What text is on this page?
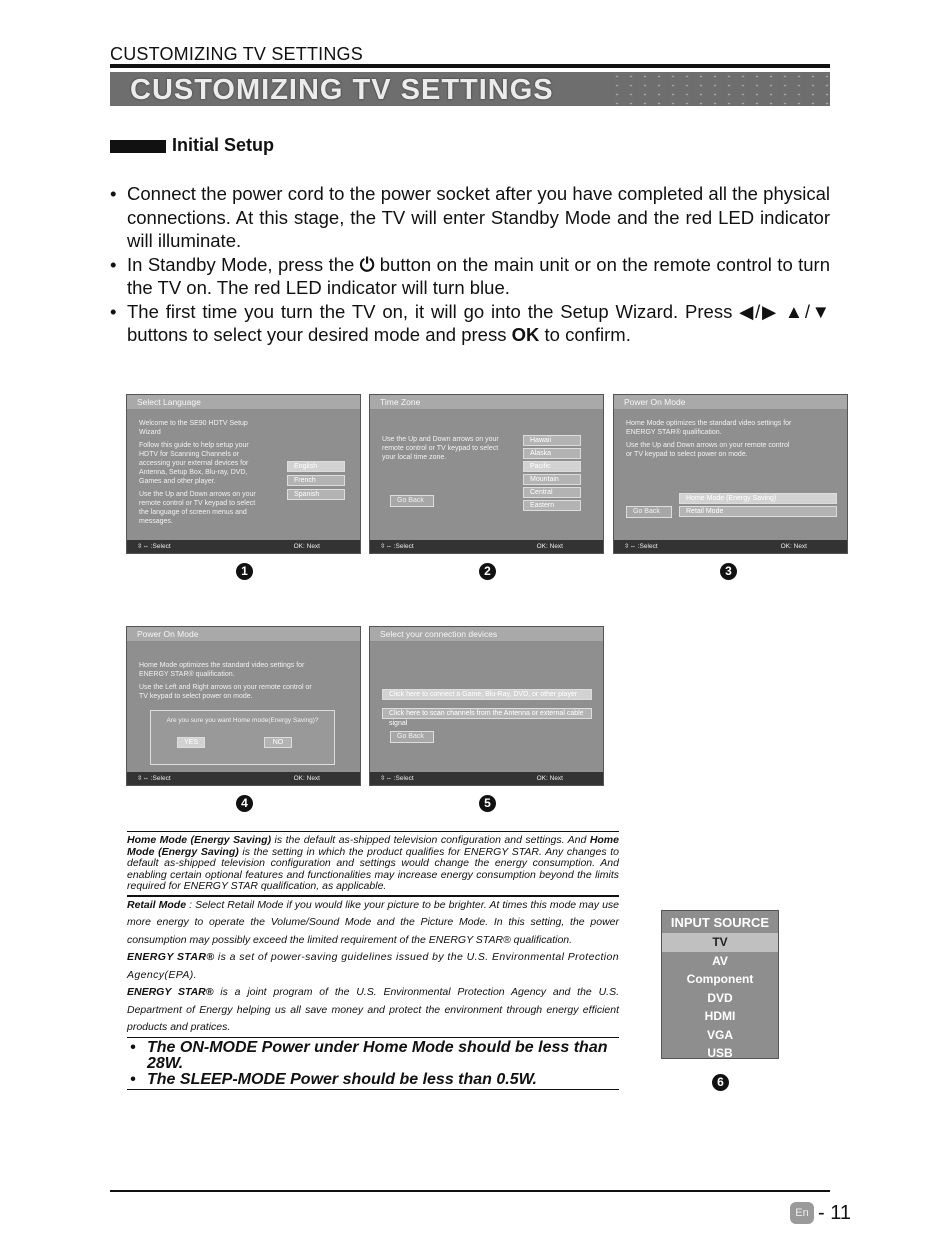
CUSTOMIZING TV SETTINGS
CUSTOMIZING TV SETTINGS
Initial Setup
• Connect the power cord to the power socket after you have completed all the physical connections. At this stage, the TV will enter Standby Mode and the red LED indicator will illuminate.
• In Standby Mode, press the ⏻ button on the main unit or on the remote control to turn the TV on. The red LED indicator will turn blue.
• The first time you turn the TV on, it will go into the Setup Wizard. Press ◀/▶ ▲/▼ buttons to select your desired mode and press OK to confirm.
Select Language

Welcome to the SE90 HDTV Setup Wizard

Follow this guide to help setup your HDTV for Scanning Channels or accessing your external devices for Antenna, Setup Box, Blu-ray, DVD, Games and other player.

Use the Up and Down arrows on your remote control or TV keypad to select the language of screen menus and messages.

English
French
Spanish
⇳⇔ :Select	OK: Next
Time Zone
Use the Up and Down arrows on your remote control or TV keypad to select your local time zone.
Hawaii
Alaska
Pacific
Mountain
Central
Eastern
Go Back
⇳⇔ :Select	OK: Next
Power On Mode

Home Mode optimizes the standard video settings for ENERGY STAR® qualification.

Use the Up and Down arrows on your remote control or TV keypad to select power on mode.

Home Mode (Energy Saving)
Retail Mode
Go Back
⇳⇔ :Select	OK: Next
1	2	3
Power On Mode

Home Mode optimizes the standard video settings for ENERGY STAR® qualification.

Use the Left and Right arrows on your remote control or TV keypad to select power on mode.

Are you sure you want Home mode(Energy Saving)?
YES	NO
⇳⇔ :Select	OK: Next
Select your connection devices
Click here to connect a Game, Blu-Ray, DVD, or other player
Click here to scan channels from the Antenna or external cable signal
Go Back
⇳⇔ :Select	OK: Next
4	5

Home Mode (Energy Saving) is the default as-shipped television configuration and settings. And Home Mode (Energy Saving) is the setting in which the product qualifies for ENERGY STAR. Any changes to default as-shipped television configuration and settings would change the energy consumption. And enabling certain optional features and functionalities may increase energy consumption beyond the limits required for ENERGY STAR qualification, as applicable.

Retail Mode : Select Retail Mode if you would like your picture to be brighter. At times this mode may use more energy to operate the Volume/Sound Mode and the Picture Mode. In this setting, the power consumption may possibly exceed the limited requirement of the ENERGY STAR® qualification.

ENERGY STAR® is a set of power-saving guidelines issued by the U.S. Environmental Protection Agency(EPA).

ENERGY STAR® is a joint program of the U.S. Environmental Protection Agency and the U.S. Department of Energy helping us all save money and protect the environment through energy efficient products and pratices.

• The ON-MODE Power under Home Mode should be less than 28W.
• The SLEEP-MODE Power should be less than 0.5W.
INPUT SOURCE
TV
AV
Component
DVD
HDMI
VGA
USB
6
En - 11
